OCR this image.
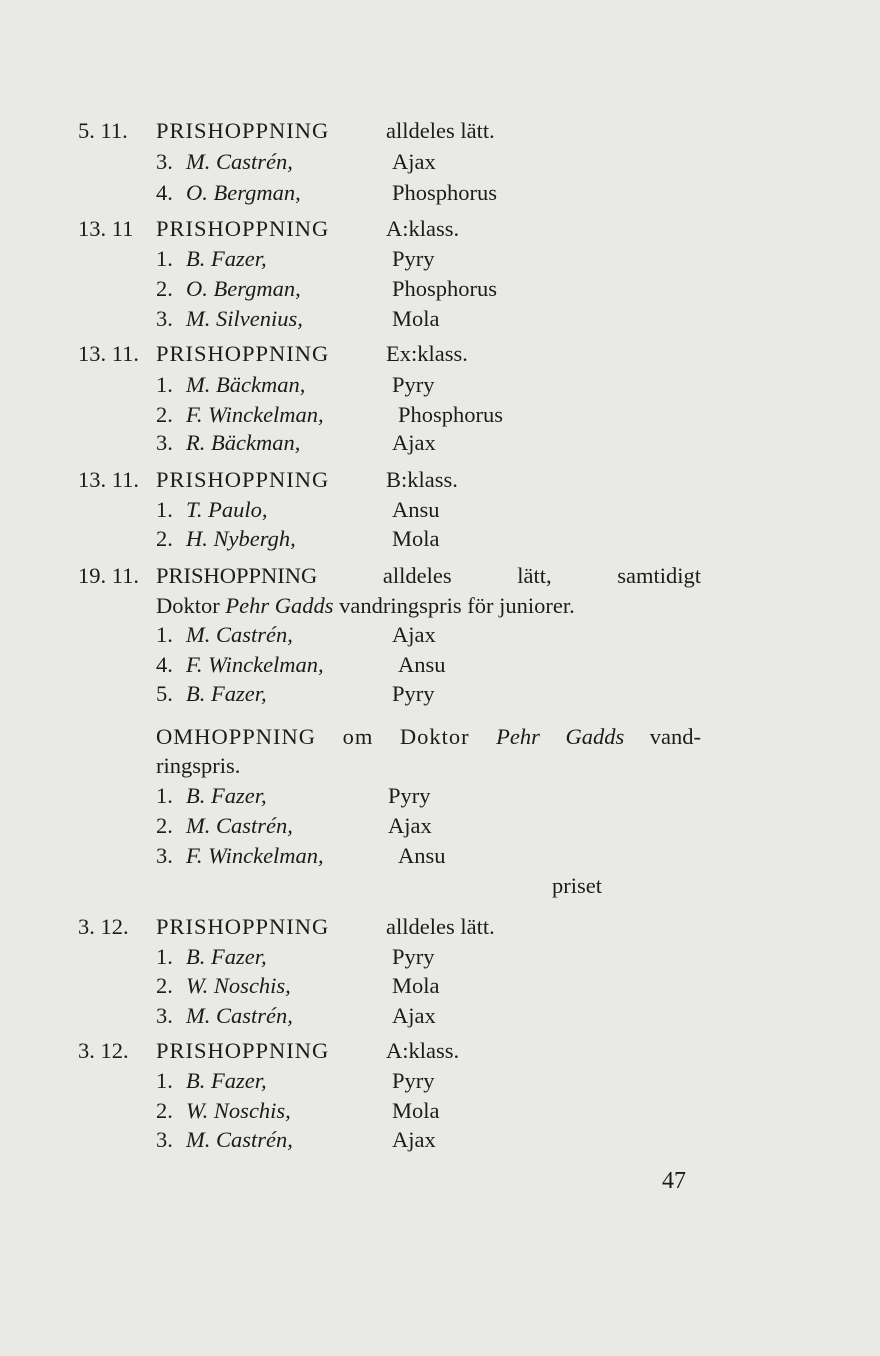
5. 11.	PRISHOPPNING	alldeles lätt.
3. M. Castrén,	Ajax
4. O. Bergman,	Phosphorus
13. 11	PRISHOPPNING	A:klass.
1. B. Fazer,	Pyry
2. O. Bergman,	Phosphorus
3. M. Silvenius,	Mola
13. 11. PRISHOPPNING	Ex:klass.
1. M. Bäckman,	Pyry
2. F. Winckelman,	Phosphorus
3. R. Bäckman,	Ajax
13. 11. PRISHOPPNING	B:klass.
1. T. Paulo,	Ansu
2. H. Nybergh,	Mola
19. 11. PRISHOPPNING  alldeles  lätt,  samtidigt
Doktor Pehr Gadds vandringspris för juniorer.
1. M. Castrén,	Ajax
4. F. Winckelman,	Ansu
5. B. Fazer,	Pyry
OMHOPPNING om Doktor Pehr Gadds vand-
ringspris.
1. B. Fazer,	Pyry
2. M. Castrén,	Ajax
3. F. Winckelman,	Ansu
priset
3. 12.	PRISHOPPNING	alldeles lätt.
1. B. Fazer,	Pyry
2. W. Noschis,	Mola
3. M. Castrén,	Ajax
3. 12.	PRISHOPPNING	A:klass.
1. B. Fazer,	Pyry
2. W. Noschis,	Mola
3. M. Castrén,	Ajax
47
